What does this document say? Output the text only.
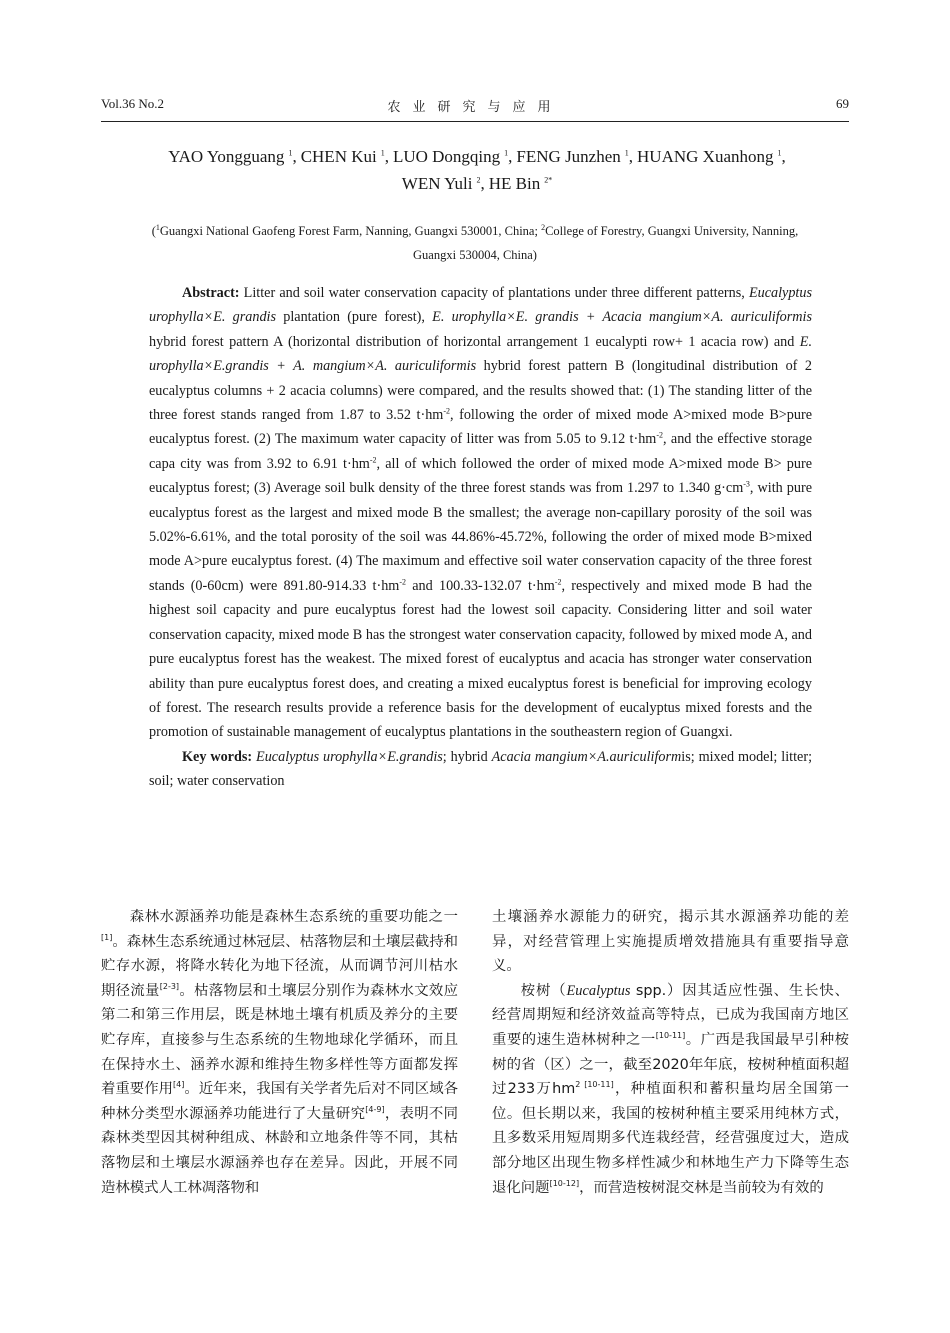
Vol.36 No.2	农业研究与应用	69
YAO Yongguang $^1$, CHEN Kui $^1$, LUO Dongqing $^1$, FENG Junzhen $^1$, HUANG Xuanhong $^1$,
WEN Yuli $^2$, HE Bin $^{2*}$
($^1$Guangxi National Gaofeng Forest Farm, Nanning, Guangxi 530001, China; $^2$College of Forestry, Guangxi University, Nanning, Guangxi 530004, China)

Abstract: Litter and soil water conservation capacity of plantations under three different patterns, Eucalyptus urophylla×E. grandis plantation (pure forest), E. urophylla×E. grandis + Acacia mangium×A. auriculiformis hybrid forest pattern A (horizontal distribution of horizontal arrangement 1 eucalypti row+ 1 acacia row) and E. urophylla×E.grandis + A. mangium×A. auriculiformis hybrid forest pattern B (longitudinal distribution of 2 eucalyptus columns + 2 acacia columns) were compared, and the results showed that: (1) The standing litter of the three forest stands ranged from 1.87 to 3.52 $t\cdot hm^{-2}$, following the order of mixed mode A>mixed mode B>pure eucalyptus forest. (2) The maximum water capacity of litter was from 5.05 to 9.12 $t\cdot hm^{-2}$, and the effective storage capa city was from 3.92 to 6.91 $t\cdot hm^{-2}$, all of which followed the order of mixed mode A>mixed mode B> pure eucalyptus forest; (3) Average soil bulk density of the three forest stands was from 1.297 to 1.340 $g\cdot cm^{-3}$, with pure eucalyptus forest as the largest and mixed mode B the smallest; the average non-capillary porosity of the soil was 5.02%-6.61%, and the total porosity of the soil was 44.86%-45.72%, following the order of mixed mode B>mixed mode A>pure eucalyptus forest. (4) The maximum and effective soil water conservation capacity of the three forest stands (0-60cm) were 891.80-914.33 $t\cdot hm^{-2}$ and 100.33-132.07 $t\cdot hm^{-2}$, respectively and mixed mode B had the highest soil capacity and pure eucalyptus forest had the lowest soil capacity. Considering litter and soil water conservation capacity, mixed mode B has the strongest water conservation capacity, followed by mixed mode A, and pure eucalyptus forest has the weakest. The mixed forest of eucalyptus and acacia has stronger water conservation ability than pure eucalyptus forest does, and creating a mixed eucalyptus forest is beneficial for improving ecology of forest. The research results provide a reference basis for the development of eucalyptus mixed forests and the promotion of sustainable management of eucalyptus plantations in the southeastern region of Guangxi.

Key words: Eucalyptus urophylla×E.grandis; hybrid Acacia mangium×A.auriculiformis; mixed model; litter; soil; water conservation

森林水源涵养功能是森林生态系统的重要功能之一[1]。森林生态系统通过林冠层、枯落物层和土壤层截持和贮存水源，将降水转化为地下径流，从而调节河川枯水期径流量[2-3]。枯落物层和土壤层分别作为森林水文效应第二和第三作用层，既是林地土壤有机质及养分的主要贮存库，直接参与生态系统的生物地球化学循环，而且在保持水土、涵养水源和维持生物多样性等方面都发挥着重要作用[4]。近年来，我国有关学者先后对不同区域各种林分类型水源涵养功能进行了大量研究[4-9]，表明不同森林类型因其树种组成、林龄和立地条件等不同，其枯落物层和土壤层水源涵养也存在差异。因此，开展不同造林模式人工林凋落物和

土壤涵养水源能力的研究，揭示其水源涵养功能的差异，对经营管理上实施提质增效措施具有重要指导意义。

桉树（Eucalyptus spp.）因其适应性强、生长快、经营周期短和经济效益高等特点，已成为我国南方地区重要的速生造林树种之一[10-11]。广西是我国最早引种桉树的省（区）之一，截至2020年年底，桉树种植面积超过233万$hm^{2 [10-11]}$，种植面积和蓄积量均居全国第一位。但长期以来，我国的桉树种植主要采用纯林方式，且多数采用短周期多代连栽经营，经营强度过大，造成部分地区出现生物多样性减少和林地生产力下降等生态退化问题[10-12]，而营造桉树混交林是当前较为有效的
